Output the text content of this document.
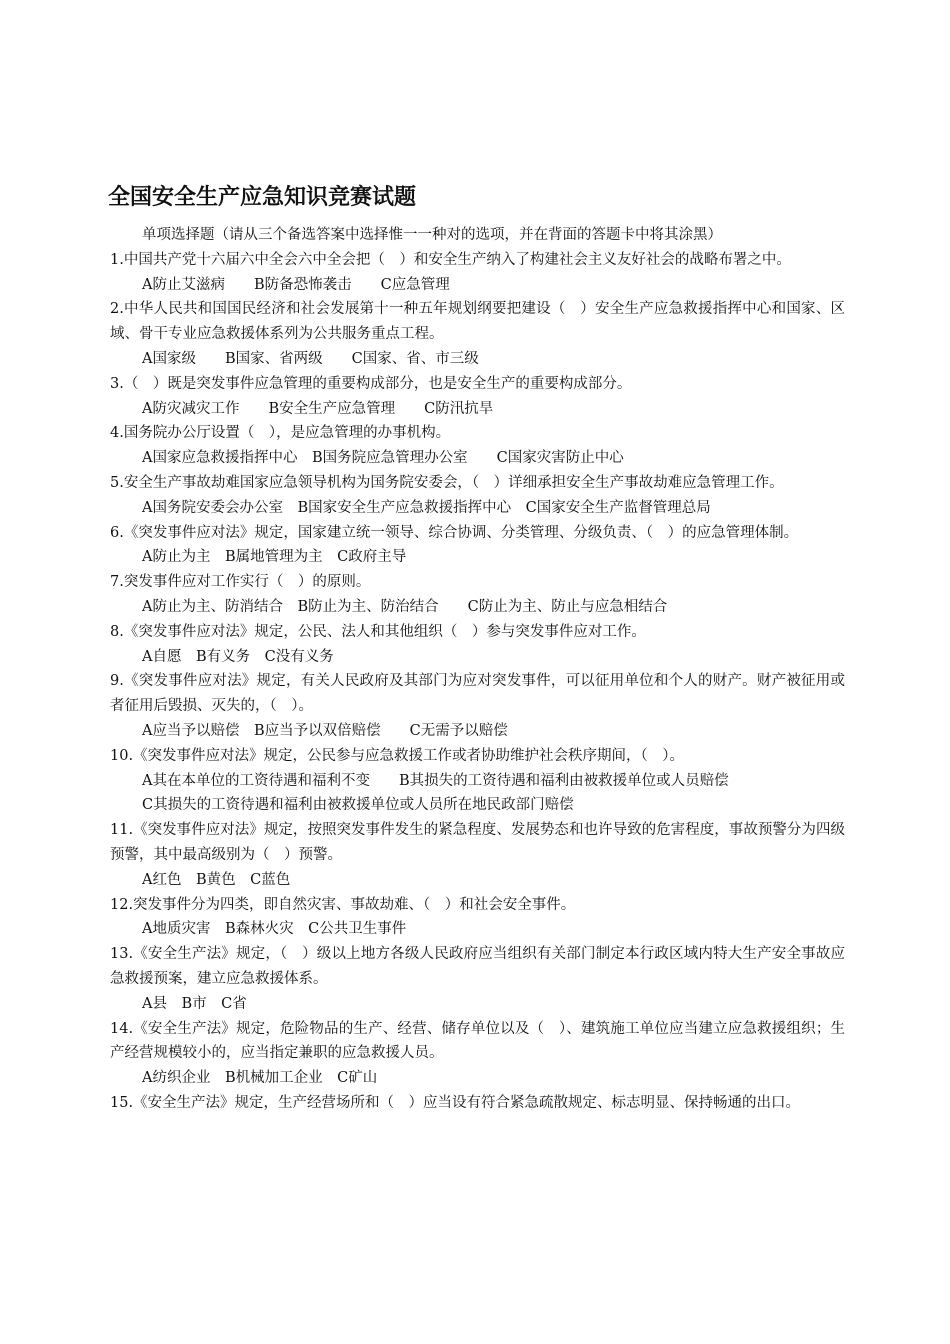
全国安全生产应急知识竞赛试题
单项选择题（请从三个备选答案中选择惟一一种对的选项，并在背面的答题卡中将其涂黑）

1.中国共产党十六届六中全会六中全会把（　）和安全生产纳入了构建社会主义友好社会的战略布署之中。

A防止艾滋病　　B防备恐怖袭击　　C应急管理

2.中华人民共和国国民经济和社会发展第十一种五年规划纲要把建设（　）安全生产应急救援指挥中心和国家、区域、骨干专业应急救援体系列为公共服务重点工程。

A国家级　　B国家、省两级　　C国家、省、市三级

3.（　）既是突发事件应急管理的重要构成部分，也是安全生产的重要构成部分。

A防灾减灾工作　　B安全生产应急管理　　C防汛抗旱

4.国务院办公厅设置（　），是应急管理的办事机构。

A国家应急救援指挥中心　B国务院应急管理办公室　　C国家灾害防止中心

5.安全生产事故劫难国家应急领导机构为国务院安委会，（　）详细承担安全生产事故劫难应急管理工作。

A国务院安委会办公室　B国家安全生产应急救援指挥中心　C国家安全生产监督管理总局

6.《突发事件应对法》规定，国家建立统一领导、综合协调、分类管理、分级负责、（　）的应急管理体制。

A防止为主　B属地管理为主　C政府主导

7.突发事件应对工作实行（　）的原则。

A防止为主、防消结合　B防止为主、防治结合　　C防止为主、防止与应急相结合

8.《突发事件应对法》规定，公民、法人和其他组织（　）参与突发事件应对工作。

A自愿　B有义务　C没有义务

9.《突发事件应对法》规定，有关人民政府及其部门为应对突发事件，可以征用单位和个人的财产。财产被征用或者征用后毁损、灭失的，（　）。

A应当予以赔偿　B应当予以双倍赔偿　　C无需予以赔偿

10.《突发事件应对法》规定，公民参与应急救援工作或者协助维护社会秩序期间，（　）。

A其在本单位的工资待遇和福利不变　　B其损失的工资待遇和福利由被救援单位或人员赔偿

C其损失的工资待遇和福利由被救援单位或人员所在地民政部门赔偿

11.《突发事件应对法》规定，按照突发事件发生的紧急程度、发展势态和也许导致的危害程度，事故预警分为四级预警，其中最高级别为（　）预警。

A红色　B黄色　C蓝色

12.突发事件分为四类，即自然灾害、事故劫难、（　）和社会安全事件。

A地质灾害　B森林火灾　C公共卫生事件

13.《安全生产法》规定，（　）级以上地方各级人民政府应当组织有关部门制定本行政区域内特大生产安全事故应急救援预案，建立应急救援体系。

A县　B市　C省

14.《安全生产法》规定，危险物品的生产、经营、储存单位以及（　）、建筑施工单位应当建立应急救援组织；生产经营规模较小的，应当指定兼职的应急救援人员。

A纺织企业　B机械加工企业　C矿山

15.《安全生产法》规定，生产经营场所和（　）应当设有符合紧急疏散规定、标志明显、保持畅通的出口。
